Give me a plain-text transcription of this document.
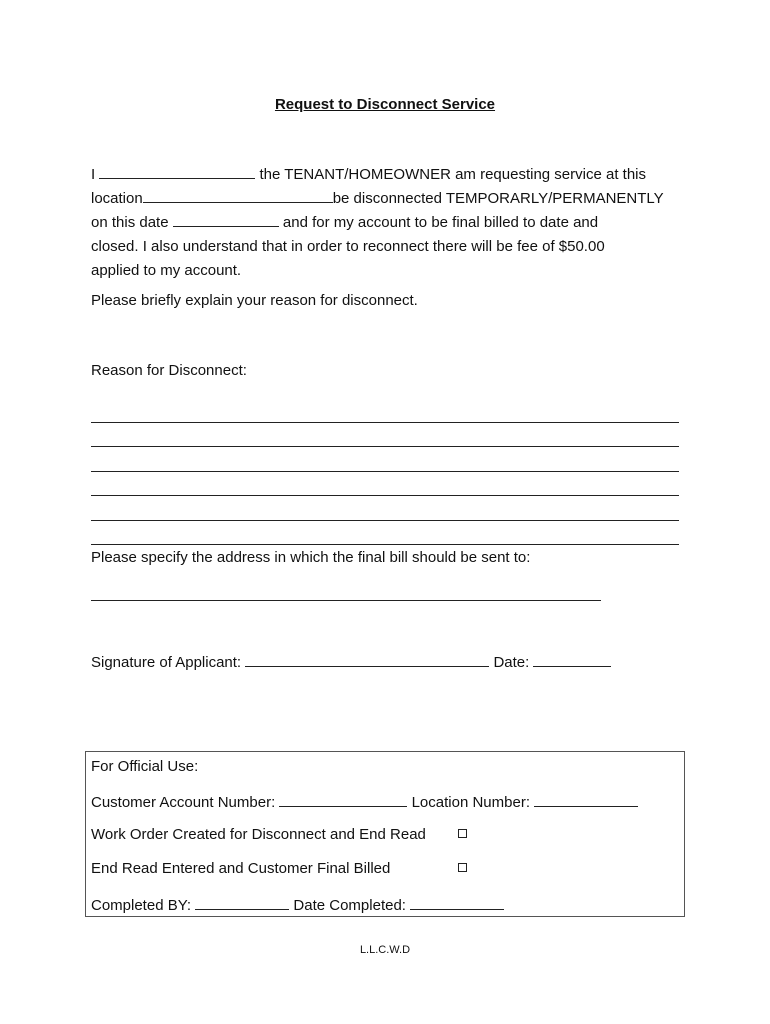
Request to Disconnect Service
I	the TENANT/HOMEOWNER am requesting service at this
location	be disconnected TEMPORARLY/PERMANENTLY
on this date	and for my account to be final billed to date and
closed. I also understand that in order to reconnect there will be fee of $50.00
applied to my account.
Please briefly explain your reason for disconnect.
Reason for Disconnect:
Please specify the address in which the final bill should be sent to:
Signature of Applicant:	Date:
For Official Use:
Customer Account Number:	Location Number:
Work Order Created for Disconnect and End Read
End Read Entered and Customer Final Billed
Completed BY:	Date Completed:
L.L.C.W.D
